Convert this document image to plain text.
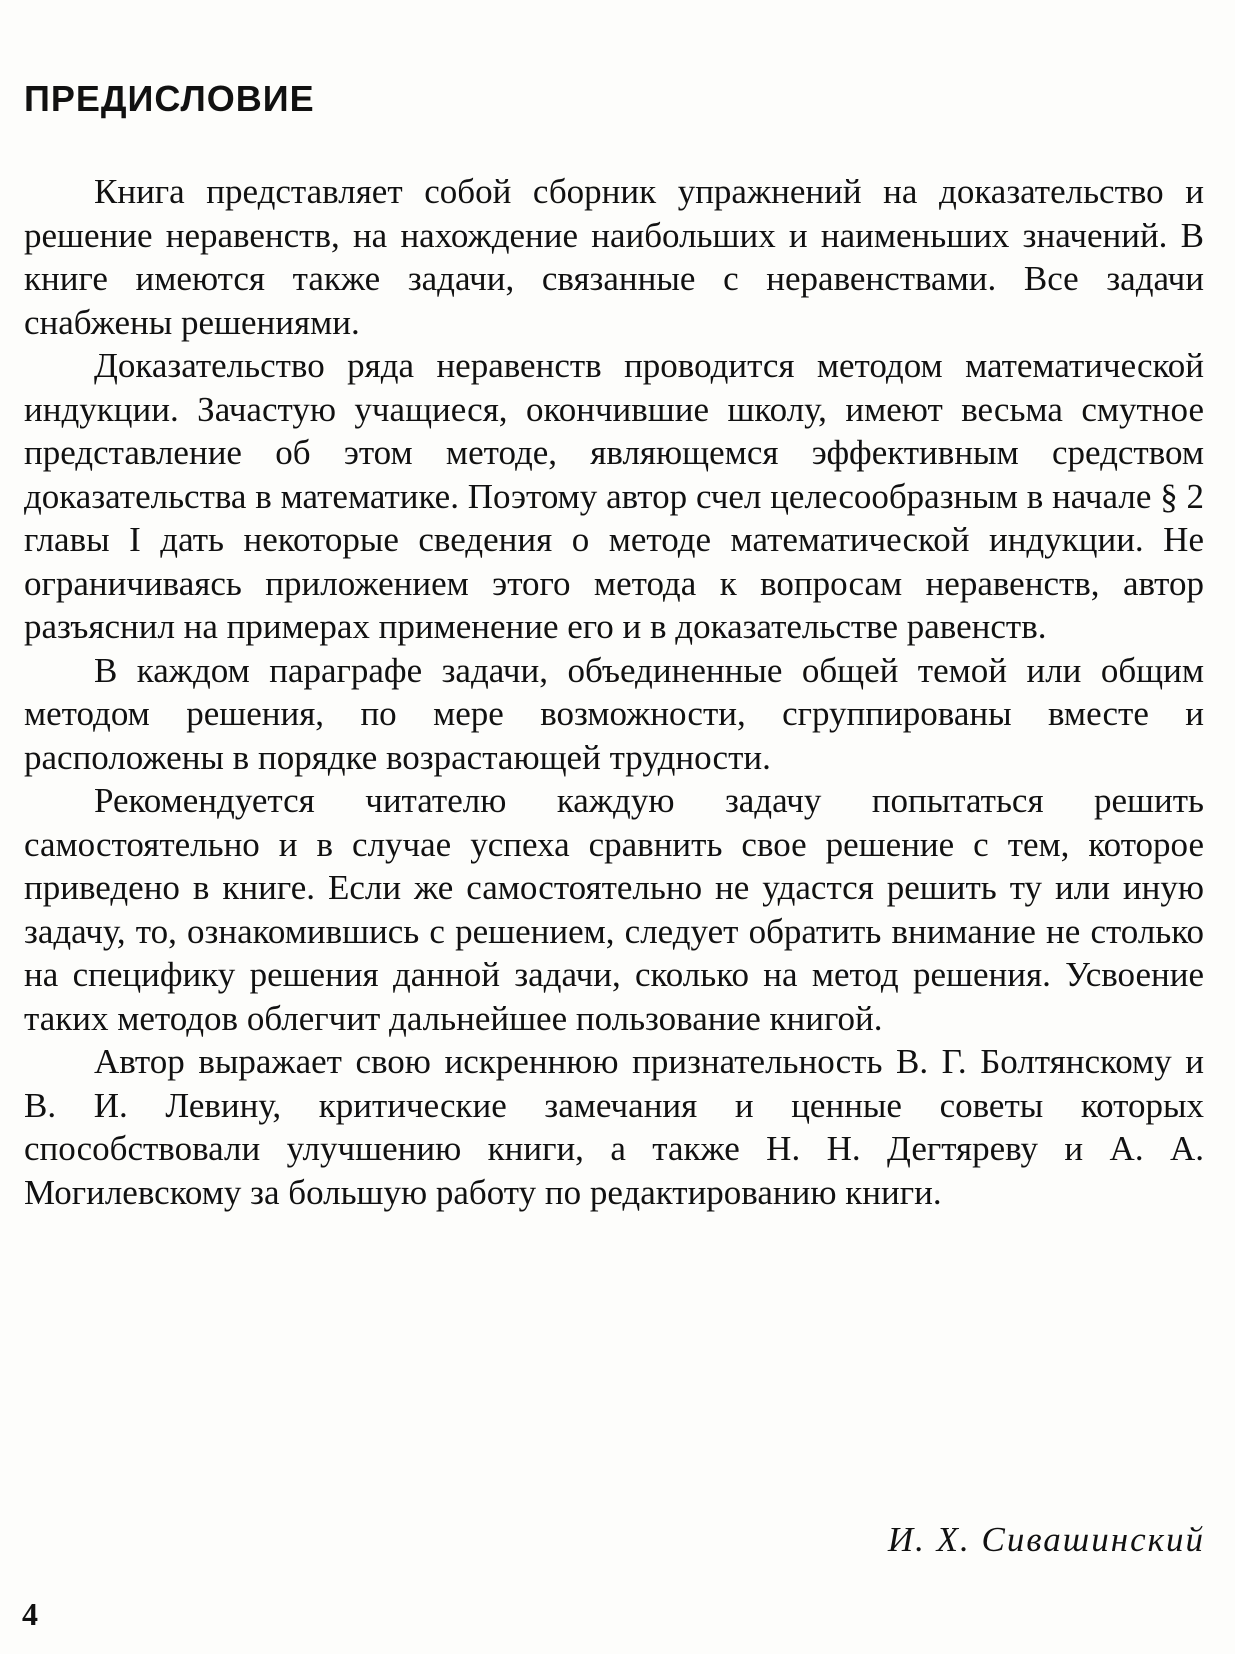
ПРЕДИСЛОВИЕ

Книга представляет собой сборник упражнений на доказательство и решение неравенств, на нахождение наибольших и наименьших значений. В книге имеются также задачи, связанные с неравенствами. Все задачи снабжены решениями.

Доказательство ряда неравенств проводится методом математической индукции. Зачастую учащиеся, окончившие школу, имеют весьма смутное представление об этом методе, являющемся эффективным средством доказательства в математике. Поэтому автор счел целесообразным в начале § 2 главы I дать некоторые сведения о методе математической индукции. Не ограничиваясь приложением этого метода к вопросам неравенств, автор разъяснил на примерах применение его и в доказательстве равенств.

В каждом параграфе задачи, объединенные общей темой или общим методом решения, по мере возможности, сгруппированы вместе и расположены в порядке возрастающей трудности.

Рекомендуется читателю каждую задачу попытаться решить самостоятельно и в случае успеха сравнить свое решение с тем, которое приведено в книге. Если же самостоятельно не удастся решить ту или иную задачу, то, ознакомившись с решением, следует обратить внимание не столько на специфику решения данной задачи, сколько на метод решения. Усвоение таких методов облегчит дальнейшее пользование книгой.

Автор выражает свою искреннюю признательность В. Г. Болтянскому и В. И. Левину, критические замечания и ценные советы которых способствовали улучшению книги, а также Н. Н. Дегтяреву и А. А. Могилевскому за большую работу по редактированию книги.

И. Х. Сивашинский

4
